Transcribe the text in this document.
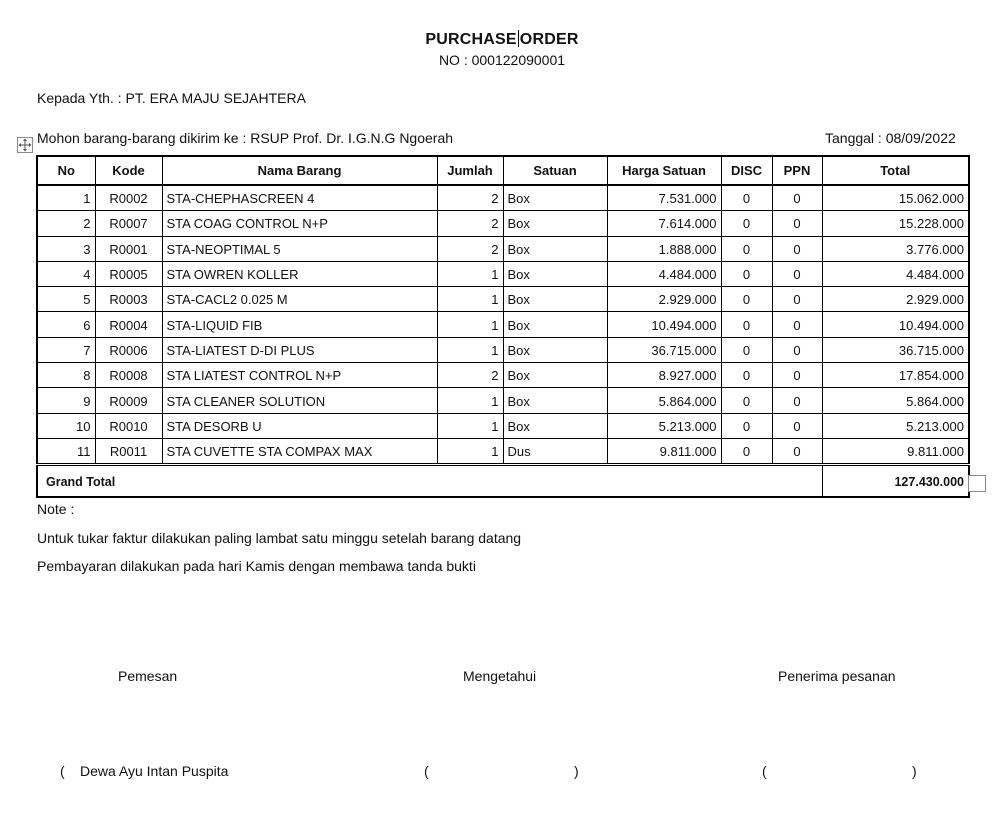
PURCHASE ORDER
NO : 000122090001
Kepada Yth. : PT. ERA MAJU SEJAHTERA
Mohon barang-barang dikirim ke : RSUP Prof. Dr. I.G.N.G Ngoerah	Tanggal : 08/09/2022
No	Kode	Nama Barang	Jumlah	Satuan	Harga Satuan	DISC	PPN	Total
1	R0002	STA-CHEPHASCREEN 4	2	Box	7.531.000	0	0	15.062.000
2	R0007	STA COAG CONTROL N+P	2	Box	7.614.000	0	0	15.228.000
3	R0001	STA-NEOPTIMAL 5	2	Box	1.888.000	0	0	3.776.000
4	R0005	STA OWREN KOLLER	1	Box	4.484.000	0	0	4.484.000
5	R0003	STA-CACL2 0.025 M	1	Box	2.929.000	0	0	2.929.000
6	R0004	STA-LIQUID FIB	1	Box	10.494.000	0	0	10.494.000
7	R0006	STA-LIATEST D-DI PLUS	1	Box	36.715.000	0	0	36.715.000
8	R0008	STA LIATEST CONTROL N+P	2	Box	8.927.000	0	0	17.854.000
9	R0009	STA CLEANER SOLUTION	1	Box	5.864.000	0	0	5.864.000
10	R0010	STA DESORB U	1	Box	5.213.000	0	0	5.213.000
11	R0011	STA CUVETTE STA COMPAX MAX	1	Dus	9.811.000	0	0	9.811.000
Grand Total								127.430.000
Note :
Untuk tukar faktur dilakukan paling lambat satu minggu setelah barang datang
Pembayaran dilakukan pada hari Kamis dengan membawa tanda bukti
Pemesan	Mengetahui	Penerima pesanan
( Dewa Ayu Intan Puspita	(	)	(	)
